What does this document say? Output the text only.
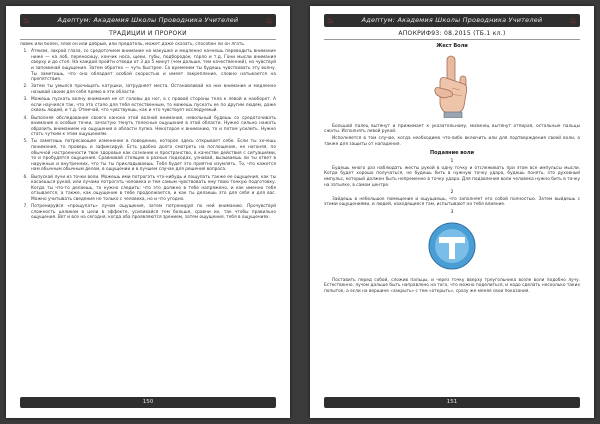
♨	Адептум: Академия Школы Проводника Учителей	♨
ТРАДИЦИИ И ПРОРОКИ

ловек или болен, злой он или добрый, или предатель, может даже сказать, способен ли он лгать.

1. Атеизм, закрой глаза, со средоточием внимание на макушке и медленно начнешь переводить внимание ниже — на лоб, переносицу, кончик носа, щеки, губы, подбородок, горло и т.д. Гони мысли внимания сверху и до стоп. На каждой пройти отведи от 3 до 5 минут (чем дольше, тем качественней), но чувствуй и запоминай ощущения. Затем обратно — чуть быстрее. Со временем ты будешь чувствовать эту волну. Ты заметишь, что она обладает особой скоростью и имеет закрепление, словно натыкается на препятствия.
2. Затем ты умылся прочищать катушки, затрудняет места. Останавливай на них внимание и медленно называй своим для себя прямо в эти области.
3. Можешь пускать волну внимания не от головы до ног, а с правой стороны тела к левой и наоборот. А если научился так, что это стало для тебя естественным, то можешь пускать ее по другим людям, даже сквозь людей, и т.д. Отмечай, что чувствуешь, как и что чувствует исследуемый.
4. Выполняя обследование своего канона этой волной внимания, невольный будешь со средоточивать внимание в особые точки, зачастую тянуть телесные ощущения в этой области. Нужно сильно нажать образить вниманием на ощущения в области пупка. Некоторое к вниманию, то и потом усилить. Нужно стать чутким к этим ощущениям.
5. Ты заметишь потрясающее изменение в поведении, которое здесь открывает себе. Если ты хочешь понимания, то проверь и зафиксируй. Есть удобно долго смотреть на поглощение, не нагоняя, по обычной настроенности твое здоровье как сознание и пространство, в качестве действия с ситуациями, то и пробудятся ощущения. Сравнивай стоящие в разных подходах, узнавай, вызываешь ли ты ответ в наружных и внутренних, что ты ты прикладываешь. Тебя будет это приятно изумлять. То, что кажется нам обычным обычным делом, в ощущении и в лучшем случае для решения вопроса.
6. Выпускай лучи из точки воли. Можешь ими потрогать что-нибудь и пощупать также ее ощущения, как ты касаешься рукой, или лучами потрогать человека и тем самым чувствовать ему твою тонкую подготовку. Когда ты что-то делаешь, то нужно следить: что это должно в тебе напряжено, и как именно тебя отзывается, а также, как ощущение в тебе продолжается, и как ты делаешь это для себя и для вас. Можно учитывать сведения не только с человека, но и что угодно.
7. Потренируйся «прощупать» лучом ощущения, затем потренируй по ней вниманию. Прочувствуй сложность целиком в цели в эффекте, усиливайся тем больше, сравни их, так чтобы правильно ощущения. Вот и все на сегодня, когда оба проявляются зрением, затем ощущения, тебя в ощущениях.
150
♨	Адептум: Академия Школы Проводника Учителей	♨
АПОКРИФ93: 08.2015 (ТБ.1 кл.)
Жест Воли

Большой палец вытянут и прижимает к указательному, мизинец вытянут отпирая, остальные пальцы сжаты. Исполнять левой рукой.

Исполняется в том случае, когда необходимо что-либо включить или для подтверждения своей воли, а также для защиты от нападения.

Подаяние воли
1

Будешь много раз наблюдать жесты рукой в одну точку и отслеживать при этом все импульсы мысли. Когда будет хорошо получаться, не будешь бить в нужную точку удара, будешь понять, это духовный импульс, который должен быть непременно в точку удара. Для подавления воли человека нужно бить в точку на затылке, в самом центре.

2

Зайдешь в небольшое помещение и ощущаешь, что заполняет его собой полностью. Затем выйдешь с этими ощущениями, и людей, находящиеся там, испытывают на тебя влияние.

3

Поставить перед собой, сложив пальцы, и через точку вверху треугольника возле воли подобно лучу. Естественно, лучом дальше быть направлено на того, что можно поделиться, и надо сделать несколько таких попыток, а если на вершине «закрыть» с тем «открыть», сразу же меняя свои показания.

151
